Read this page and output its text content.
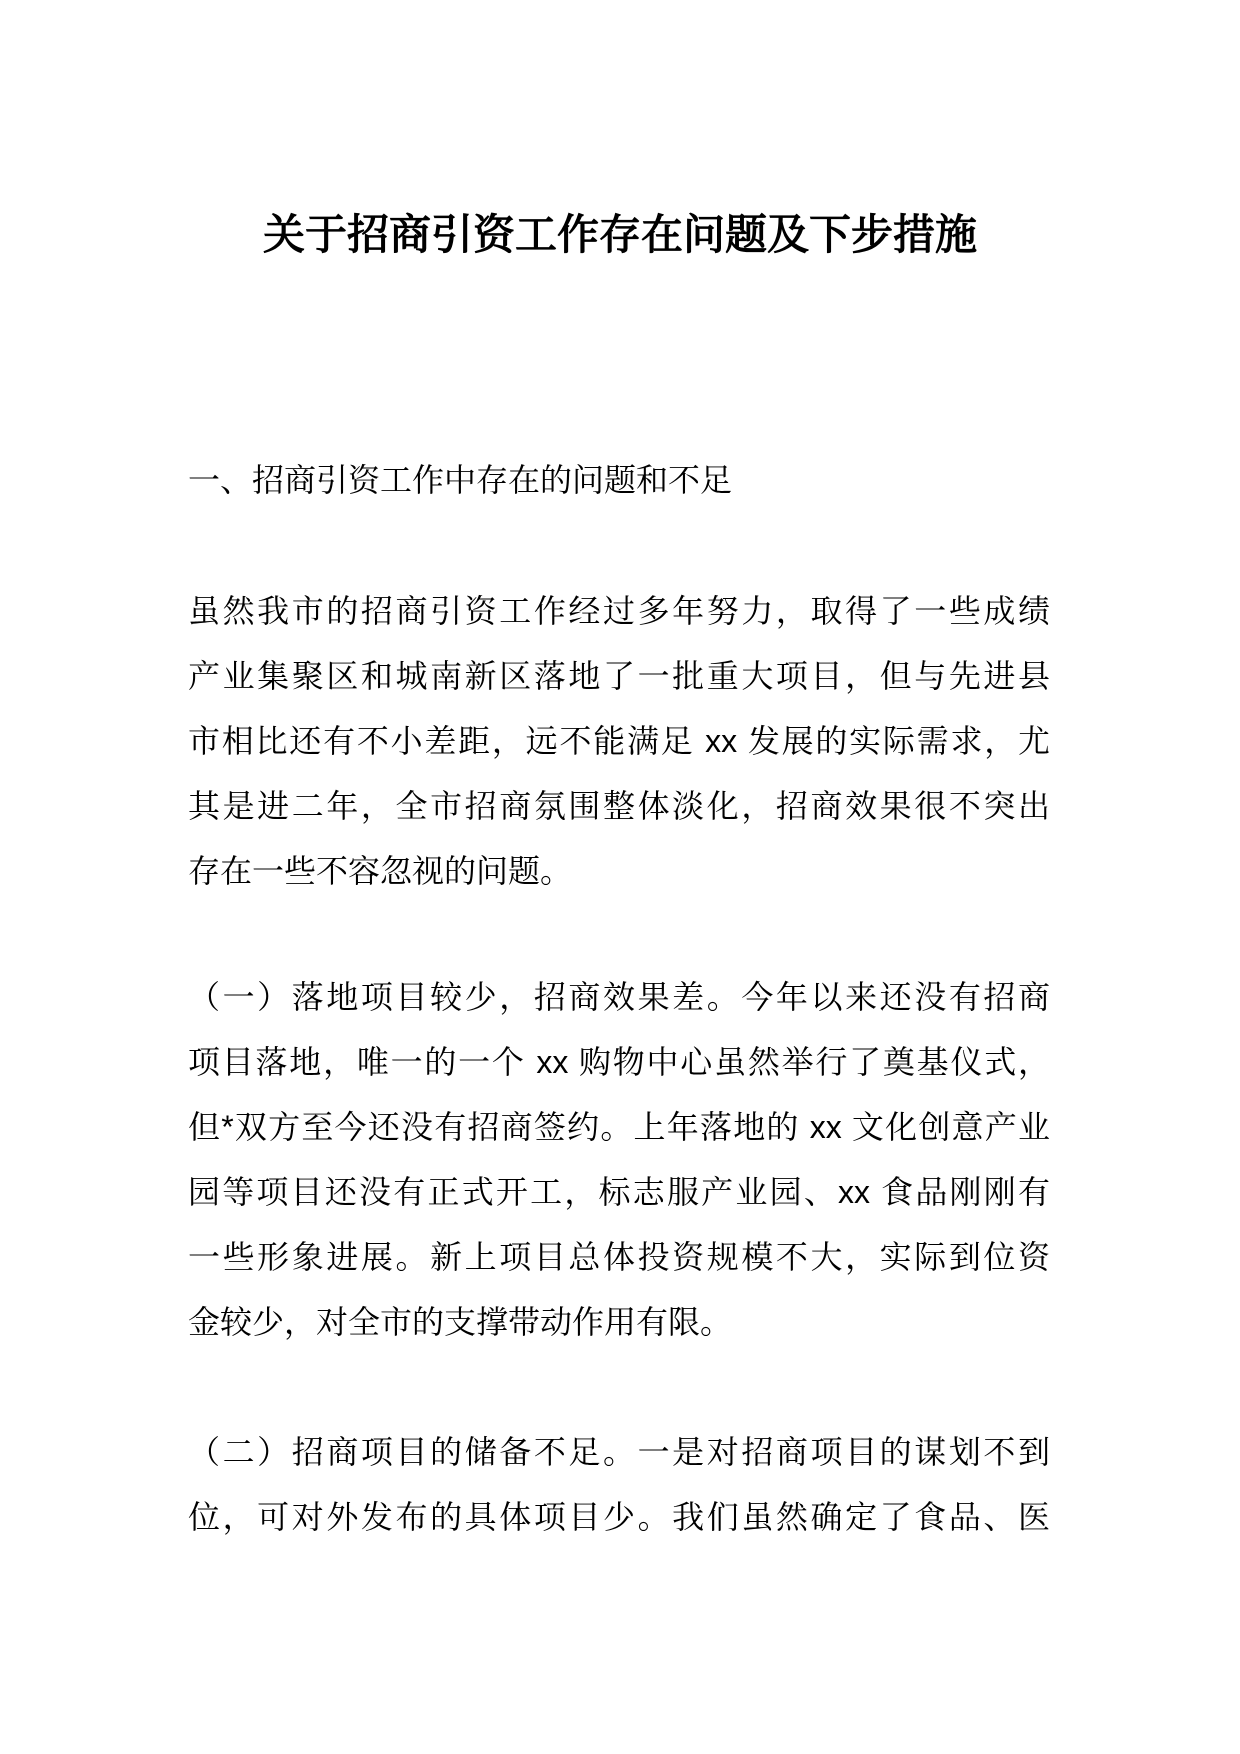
关于招商引资工作存在问题及下步措施
一、招商引资工作中存在的问题和不足
虽然我市的招商引资工作经过多年努力，取得了一些成绩
产业集聚区和城南新区落地了一批重大项目，但与先进县
市相比还有不小差距，远不能满足 xx 发展的实际需求，尤
其是进二年，全市招商氛围整体淡化，招商效果很不突出
存在一些不容忽视的问题。
（一）落地项目较少，招商效果差。今年以来还没有招商
项目落地，唯一的一个 xx 购物中心虽然举行了奠基仪式，
但*双方至今还没有招商签约。上年落地的 xx 文化创意产业
园等项目还没有正式开工，标志服产业园、xx 食品刚刚有
一些形象进展。新上项目总体投资规模不大，实际到位资
金较少，对全市的支撑带动作用有限。
（二）招商项目的储备不足。一是对招商项目的谋划不到
位，可对外发布的具体项目少。我们虽然确定了食品、医
